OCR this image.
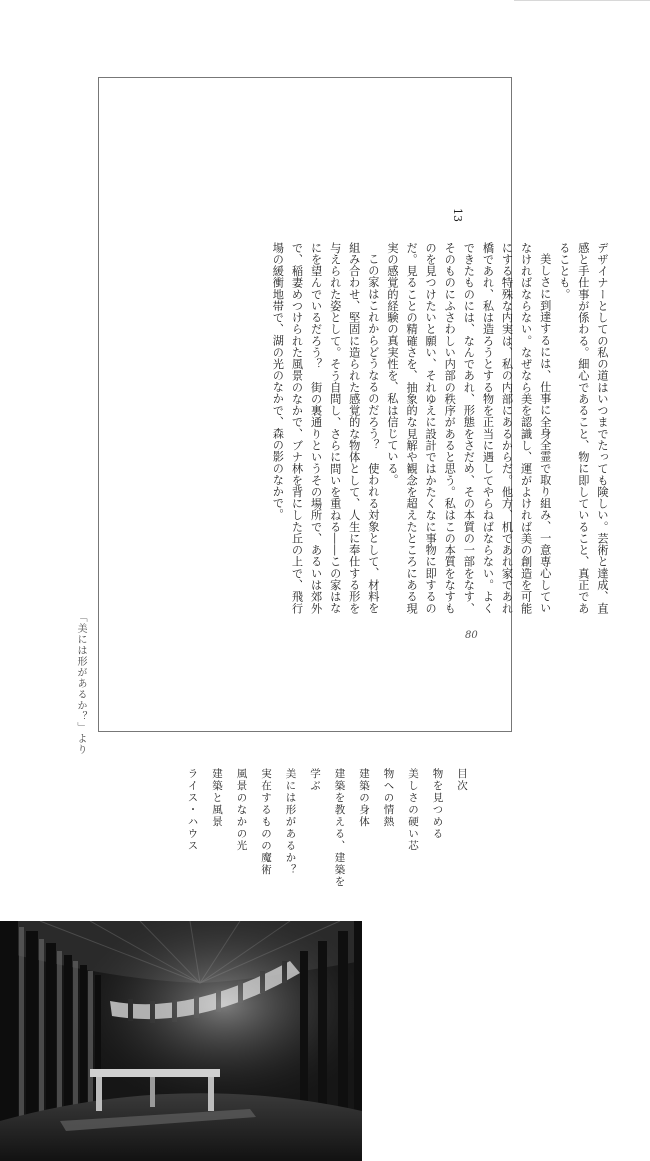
13

デザイナーとしての私の道はいつまでたっても険しい。芸術と達成、直感と手仕事が係わる。細心であること、物に即していること、真正であることも。

美しさに到達するには、仕事に全身全霊で取り組み、一意専心していなければならない。なぜなら美を認識し、運がよければ美の創造を可能にする特殊な内実は、私の内部にあるからだ。他方、机であれ家であれ橋であれ、私は造ろうとする物を正当に遇してやらねばならない。よくできたものには、なんであれ、形態をさだめ、その本質の一部をなす、そのものにふさわしい内部の秩序があると思う。私はこの本質をなすものを見つけたいと願い、それゆえに設計ではかたくなに事物に即するのだ。見ることの精確さを、抽象的な見解や観念を超えたところにある現実の感覚的経験の真実性を、私は信じている。

この家はこれからどうなるのだろう？　使われる対象として、材料を組み合わせ、堅固に造られた感覚的な物体として、人生に奉仕する形を与えられた姿として。そう自問し、さらに問いを重ねる――この家はなにを望んでいるだろう？　街の裏通りというその場所で、あるいは郊外で、稲妻めつけられた風景のなかで、ブナ林を背にした丘の上で、飛行場の緩衝地帯で、湖の光のなかで、森の影のなかで。

80
「美には形があるか？」より
目次
物を見つめる
美しさの硬い芯
物への情熱
建築の身体
建築を教える、建築を学ぶ
美には形があるか？
実在するものの魔術
風景のなかの光
建築と風景
ライス・ハウス
